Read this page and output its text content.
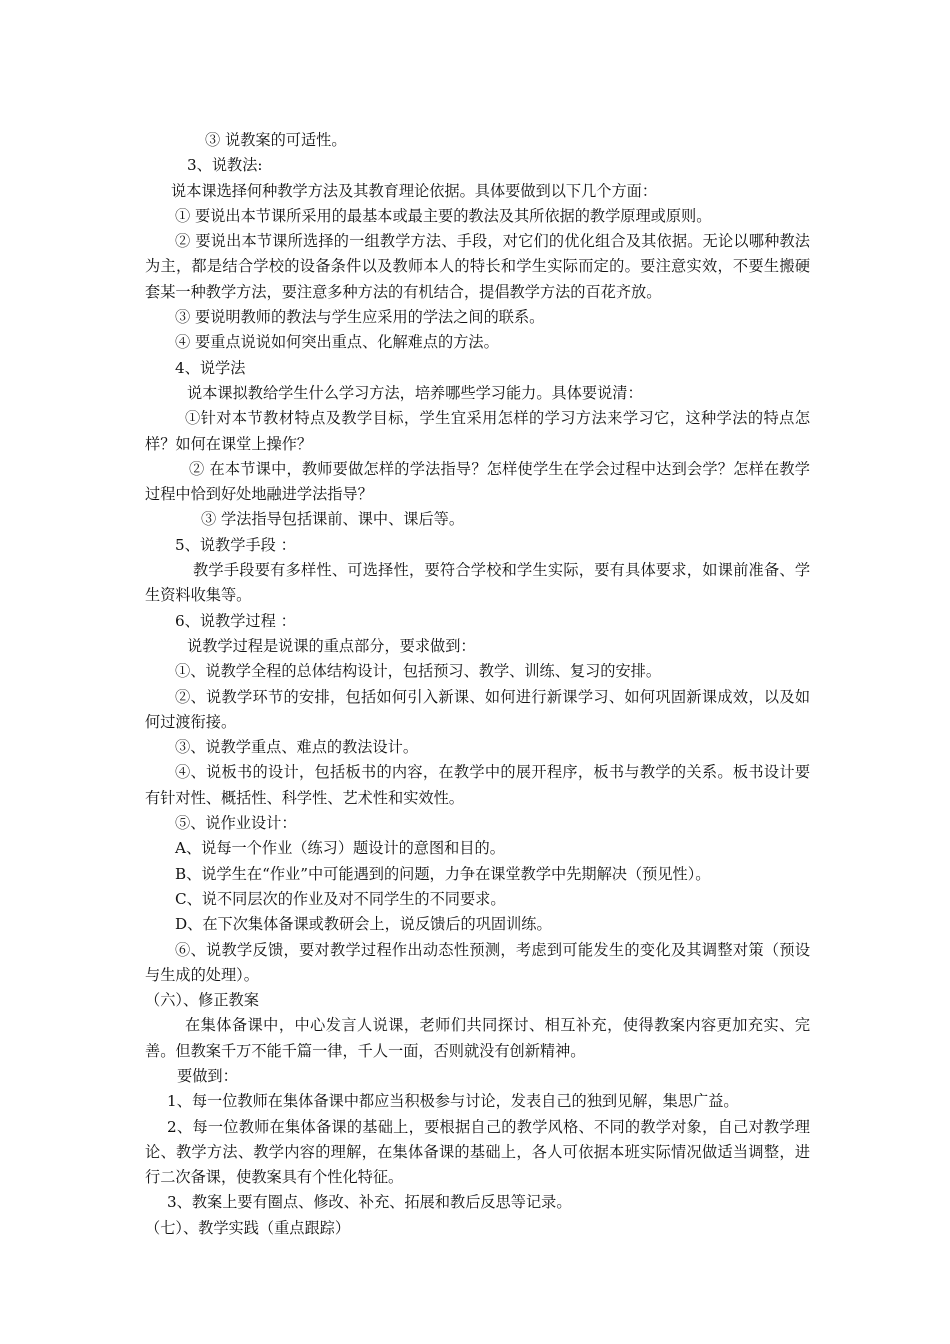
③ 说教案的可适性。

3、说教法:

说本课选择何种教学方法及其教育理论依据。具体要做到以下几个方面：

① 要说出本节课所采用的最基本或最主要的教法及其所依据的教学原理或原则。

② 要说出本节课所选择的一组教学方法、手段，对它们的优化组合及其依据。无论以哪种教法为主，都是结合学校的设备条件以及教师本人的特长和学生实际而定的。要注意实效，不要生搬硬套某一种教学方法，要注意多种方法的有机结合，提倡教学方法的百花齐放。

③ 要说明教师的教法与学生应采用的学法之间的联系。

④ 要重点说说如何突出重点、化解难点的方法。

4、说学法

说本课拟教给学生什么学习方法，培养哪些学习能力。具体要说清：

①针对本节教材特点及教学目标，学生宜采用怎样的学习方法来学习它，这种学法的特点怎样？如何在课堂上操作？

② 在本节课中，教师要做怎样的学法指导？怎样使学生在学会过程中达到会学？怎样在教学过程中恰到好处地融进学法指导？

③ 学法指导包括课前、课中、课后等。

5、说教学手段 ：

教学手段要有多样性、可选择性，要符合学校和学生实际，要有具体要求，如课前准备、学生资料收集等。

6、说教学过程 ：

说教学过程是说课的重点部分，要求做到：

①、说教学全程的总体结构设计，包括预习、教学、训练、复习的安排。

②、说教学环节的安排，包括如何引入新课、如何进行新课学习、如何巩固新课成效，以及如何过渡衔接。

③、说教学重点、难点的教法设计。

④、说板书的设计，包括板书的内容，在教学中的展开程序，板书与教学的关系。板书设计要有针对性、概括性、科学性、艺术性和实效性。

⑤、说作业设计：

A、说每一个作业（练习）题设计的意图和目的。

B、说学生在“作业”中可能遇到的问题，力争在课堂教学中先期解决（预见性）。

C、说不同层次的作业及对不同学生的不同要求。

D、在下次集体备课或教研会上，说反馈后的巩固训练。

⑥、说教学反馈，要对教学过程作出动态性预测，考虑到可能发生的变化及其调整对策（预设与生成的处理）。

（六）、修正教案

在集体备课中，中心发言人说课，老师们共同探讨、相互补充，使得教案内容更加充实、完善。但教案千万不能千篇一律，千人一面，否则就没有创新精神。

要做到：

1、每一位教师在集体备课中都应当积极参与讨论，发表自己的独到见解，集思广益。

2、每一位教师在集体备课的基础上，要根据自己的教学风格、不同的教学对象，自己对教学理论、教学方法、教学内容的理解，在集体备课的基础上，各人可依据本班实际情况做适当调整，进行二次备课，使教案具有个性化特征。

3、教案上要有圈点、修改、补充、拓展和教后反思等记录。

（七）、教学实践（重点跟踪）
